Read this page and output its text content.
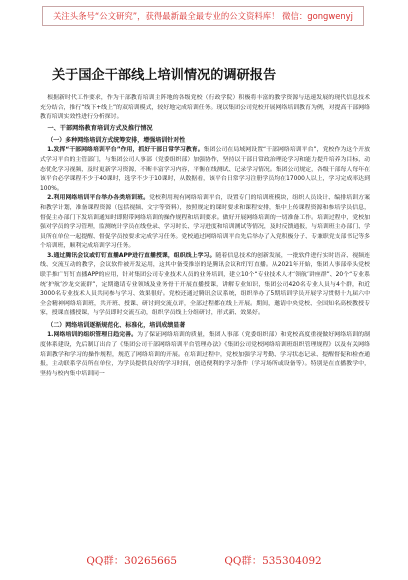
关注头条号“公文研究”，获得最新最全最专业的公文资料库！ 微信：gongwenyj
关于国企干部线上培训情况的调研报告

根据新时代工作要求，作为干部教育培训主阵地的各级党校（行政学院）积极将丰富的教学资源与迅速发展的现代信息技术充分结合，推行“线下+线上”的双培训模式，较好地完成培训任务。现以集团公司党校开展网络培训教育为例，对提高干部网络教育培训实效性进行分析探讨。

一、干部网络教育培训方式及推行情况
（一）多种网络培训方式统筹安排，增强培训针对性

1.发挥“干部网络培训平台”作用，抓好干部日常学习教育。集团公司在局域网设置“干部网络培训平台”，党校作为这个开放式学习平台的主管部门，与集团公司人事部（党委组织部）加强协作，坚持以干部日常政治理论学习和能力提升培养为目标，动态优化学习视频，及时更新学习资源，不断丰富学习内容，平衡在线测试、记录学习情况。集团公司规定，各级干部每人每年在该平台必学课程不少于40课时，选学不少于10课时，从数据看，该平台日常学习注册学员均在17000人以上，学习完成率达到100%。

2.利用网络培训平台举办各类培训班。党校利用现有网络培训平台，设置专门的培训班模块，组织人员设计、编排培训方案和教学计划，准备课程资源（包括视频、文字等资料），按照规定的课时要求和课程安排，集中上传课程资源和参培学员信息，督促主办部门下发培训通知时即附带网络培训的操作规程和培训要求。做好开展网络培训的一切准备工作。培训过程中，党校加强对学员的学习管理，监测统计学员在线登录、学习时长、学习进度和培训测试等情况，及时反馈通报，与培训班主办部门、学员所在单位一起提醒、督促学员按要求完成学习任务。党校通过网络培训平台先后举办了入党积极分子、专兼职党支部书记等多个培训班，顺利完成培训学习任务。

3.通过腾讯会议或钉钉直播APP进行直播授课，组织线上学习。随着信息技术的创新发展，一批软件进行实时语音、视频连线、交流互动的教学，会议软件被开发运用，这其中备受推崇的是腾讯会议和钉钉直播。从2021年开始，集团人事部牵头党校联手推广钉钉直播APP的应用，针对集团公司专业技术人员的业务培训，建立10个“专业技术人才‘领航’讲座群”、20个“专业系统‘护航’沙龙交流群”，定期邀请专业领域及业务骨干开展直播授课，讲解专业知识，集团公司420名专业人员与4个群，和近3000名专业技术人员共同参与学习、效果很好。党校还通过腾讯会议系统，组织举办了5期培训学员开展学习贯彻十九届六中全会精神网络培训班，共开班、授课、研讨到交流点评，全部过程都在线上开展。期间，邀请中央党校、全国知名高校教授专家，授课直播授课，与学员即时交流互动，组织学员线上分组研讨，形式新、效果好。

（二）网络培训逐渐规范化、标准化，培训成绩显著

1.网络培训的组织管理日趋完善。为了保证网络培训的质量，集团人事部（党委组织部）和党校高度重视做好网络培训的制度体系建设，先后制订出台了《集团公司干部网络培训平台管理办法》《集团公司党校网络培训班组织管理规程》以及有关网络培训教学和学习的操作规程，规范了网络培训的开展。在培训过程中，党校加强学习考勤、学习状态记录、提醒督促和检查通报，主动联系学员所在单位，为学员提供良好的学习时间，创造便利的学习条件（学习场所或设备等）。特别是在直播教学中，坚持与校内集中培训同一

QQ群：30265665	QQ群：535304092
